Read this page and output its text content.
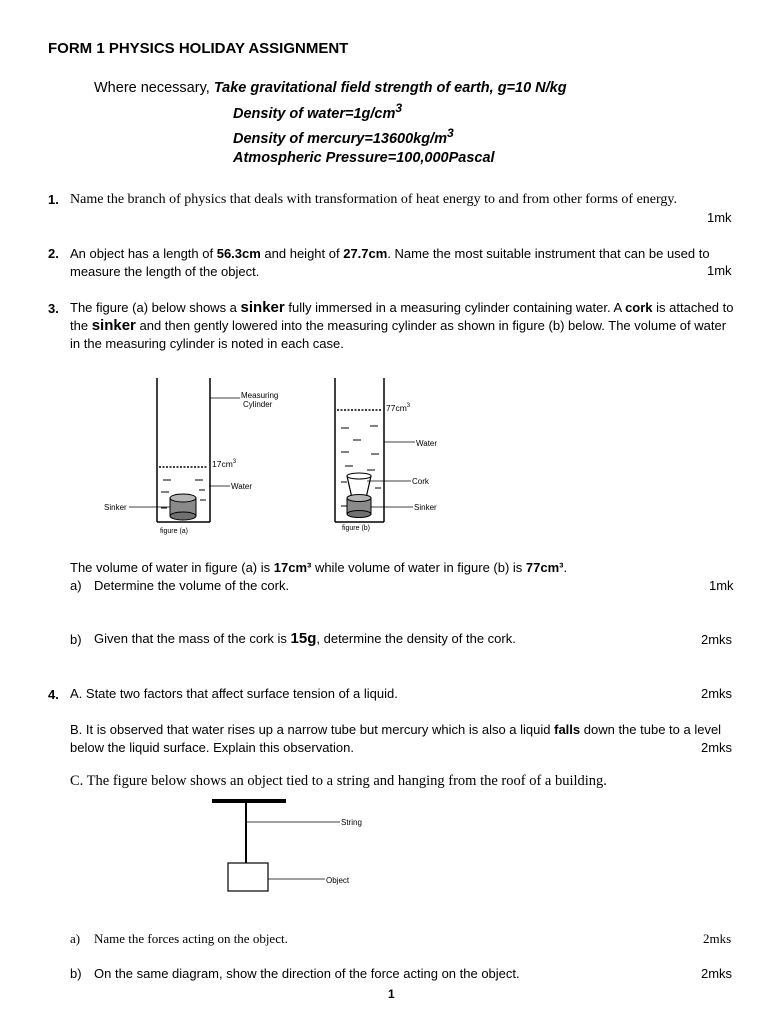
FORM 1 PHYSICS HOLIDAY ASSIGNMENT
Where necessary, Take gravitational field strength of earth, g=10 N/kg
Density of $water=1g/cm^3$
Density of $mercury=13600kg/m^3$
Atmospheric Pressure=100,000Pascal
1. Name the branch of physics that deals with transformation of heat energy to and from other forms of energy.
1mk
2. An object has a length of 56.3cm and height of 27.7cm. Name the most suitable instrument that can be used to measure the length of the object.	1mk
3. The figure (a) below shows a sinker fully immersed in a measuring cylinder containing water. A cork is attached to the sinker and then gently lowered into the measuring cylinder as shown in figure (b) below. The volume of water in the measuring cylinder is noted in each case.
Sinker
Measuring
Cylinder
$17cm^3$
Water
figure (a)
$77cm^3$
Water
Cork
Sinker
figure (b)
The volume of water in figure (a) is 17cm³ while volume of water in figure (b) is 77cm³.
a) Determine the volume of the cork.	1mk
b) Given that the mass of the cork is 15g, determine the density of the cork.	2mks
4. A. State two factors that affect surface tension of a liquid.	2mks
B. It is observed that water rises up a narrow tube but mercury which is also a liquid falls down the tube to a level below the liquid surface. Explain this observation.	2mks
C. The figure below shows an object tied to a string and hanging from the roof of a building.
String
Object
a) Name the forces acting on the object.	2mks
b) On the same diagram, show the direction of the force acting on the object.	2mks
1
